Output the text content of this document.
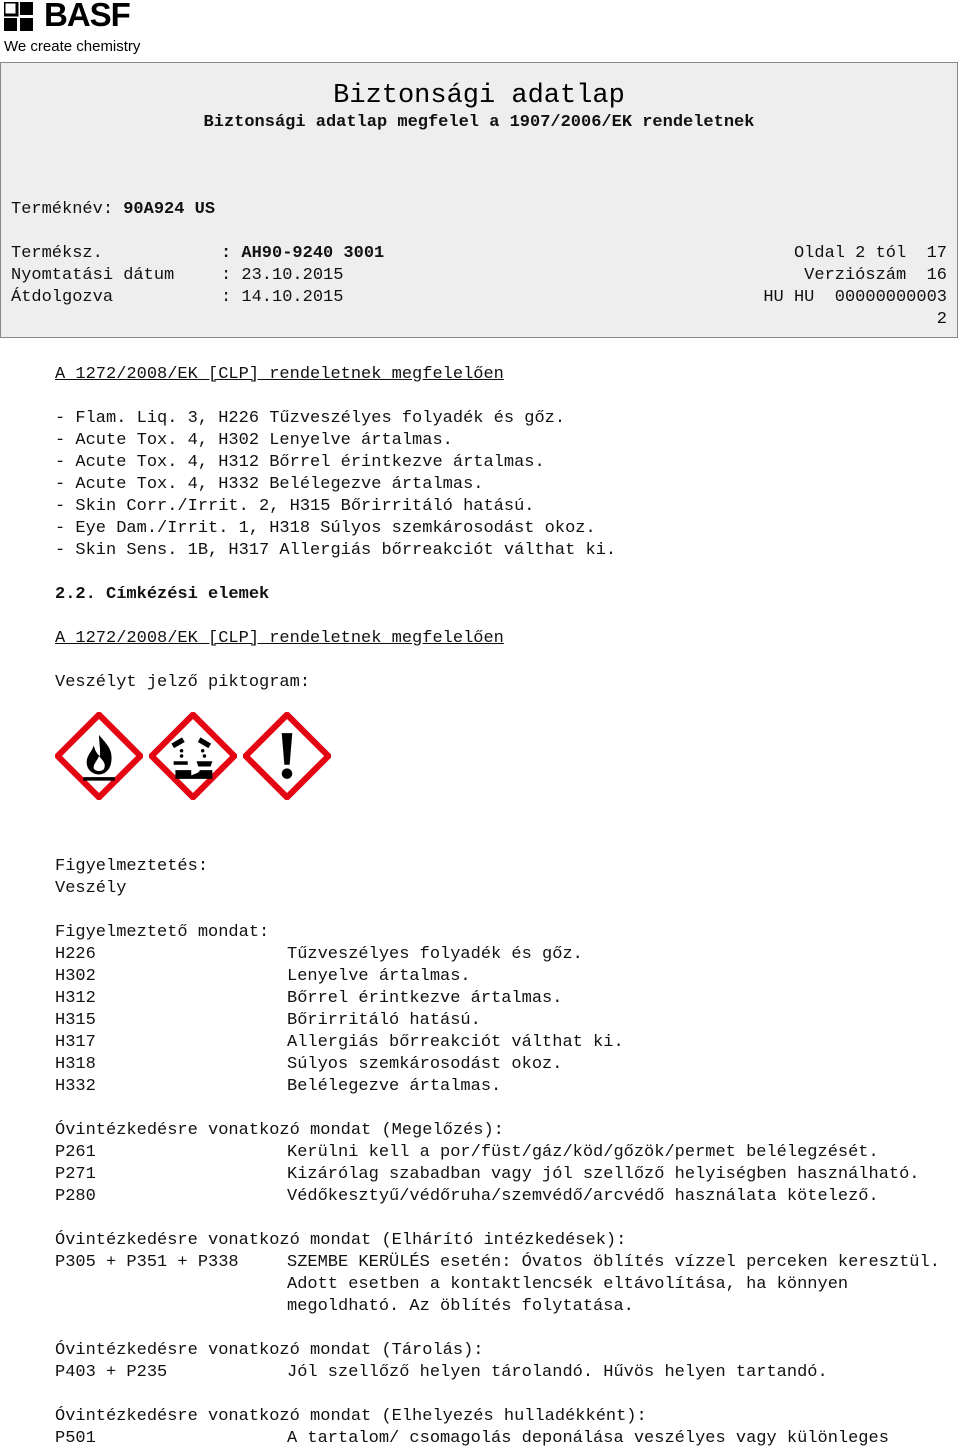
BASF
We create chemistry
Biztonsági adatlap
Biztonsági adatlap megfelel a 1907/2006/EK rendeletnek
Terméknév: 90A924 US
Terméksz.	: AH90-9240 3001
Nyomtatási dátum	: 23.10.2015
Átdolgozva	: 14.10.2015
Oldal 2 tól  17
Verziószám  16
HU HU  00000000003
2
A 1272/2008/EK [CLP] rendeletnek megfelelően
- Flam. Liq. 3, H226 Tűzveszélyes folyadék és gőz.
- Acute Tox. 4, H302 Lenyelve ártalmas.
- Acute Tox. 4, H312 Bőrrel érintkezve ártalmas.
- Acute Tox. 4, H332 Belélegezve ártalmas.
- Skin Corr./Irrit. 2, H315 Bőrirritáló hatású.
- Eye Dam./Irrit. 1, H318 Súlyos szemkárosodást okoz.
- Skin Sens. 1B, H317 Allergiás bőrreakciót válthat ki.
2.2. Címkézési elemek
A 1272/2008/EK [CLP] rendeletnek megfelelően
Veszélyt jelző piktogram:
Figyelmeztetés:
Veszély
Figyelmeztető mondat:
H226	Tűzveszélyes folyadék és gőz.
H302	Lenyelve ártalmas.
H312	Bőrrel érintkezve ártalmas.
H315	Bőrirritáló hatású.
H317	Allergiás bőrreakciót válthat ki.
H318	Súlyos szemkárosodást okoz.
H332	Belélegezve ártalmas.
Óvintézkedésre vonatkozó mondat (Megelőzés):
P261	Kerülni kell a por/füst/gáz/köd/gőzök/permet belélegzését.
P271	Kizárólag szabadban vagy jól szellőző helyiségben használható.
P280	Védőkesztyű/védőruha/szemvédő/arcvédő használata kötelező.
Óvintézkedésre vonatkozó mondat (Elhárító intézkedések):
P305 + P351 + P338	SZEMBE KERÜLÉS esetén: Óvatos öblítés vízzel perceken keresztül. Adott esetben a kontaktlencsék eltávolítása, ha könnyen megoldható. Az öblítés folytatása.
Óvintézkedésre vonatkozó mondat (Tárolás):
P403 + P235	Jól szellőző helyen tárolandó. Hűvös helyen tartandó.
Óvintézkedésre vonatkozó mondat (Elhelyezés hulladékként):
P501	A tartalom/ csomagolás deponálása veszélyes vagy különleges
